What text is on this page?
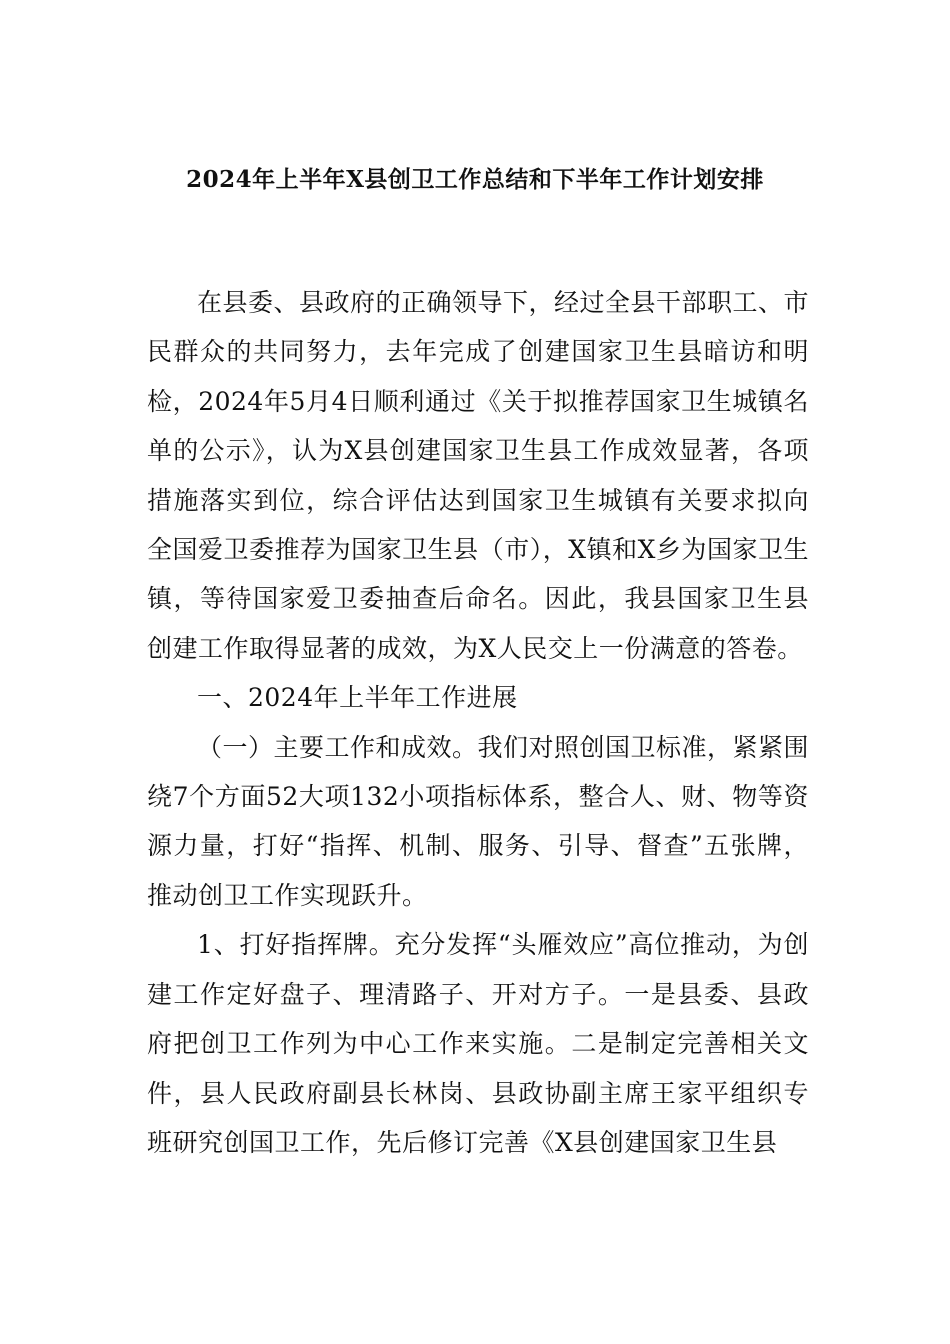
2024年上半年X县创卫工作总结和下半年工作计划安排

在县委、县政府的正确领导下，经过全县干部职工、市民群众的共同努力，去年完成了创建国家卫生县暗访和明检，2024年5月4日顺利通过《关于拟推荐国家卫生城镇名单的公示》，认为X县创建国家卫生县工作成效显著，各项措施落实到位，综合评估达到国家卫生城镇有关要求拟向全国爱卫委推荐为国家卫生县（市），X镇和X乡为国家卫生镇，等待国家爱卫委抽查后命名。因此，我县国家卫生县创建工作取得显著的成效，为X人民交上一份满意的答卷。

一、2024年上半年工作进展

（一）主要工作和成效。我们对照创国卫标准，紧紧围绕7个方面52大项132小项指标体系，整合人、财、物等资源力量，打好“指挥、机制、服务、引导、督查”五张牌，推动创卫工作实现跃升。

1、打好指挥牌。充分发挥“头雁效应”高位推动，为创建工作定好盘子、理清路子、开对方子。一是县委、县政府把创卫工作列为中心工作来实施。二是制定完善相关文件，县人民政府副县长林岗、县政协副主席王家平组织专班研究创国卫工作，先后修订完善《X县创建国家卫生县
